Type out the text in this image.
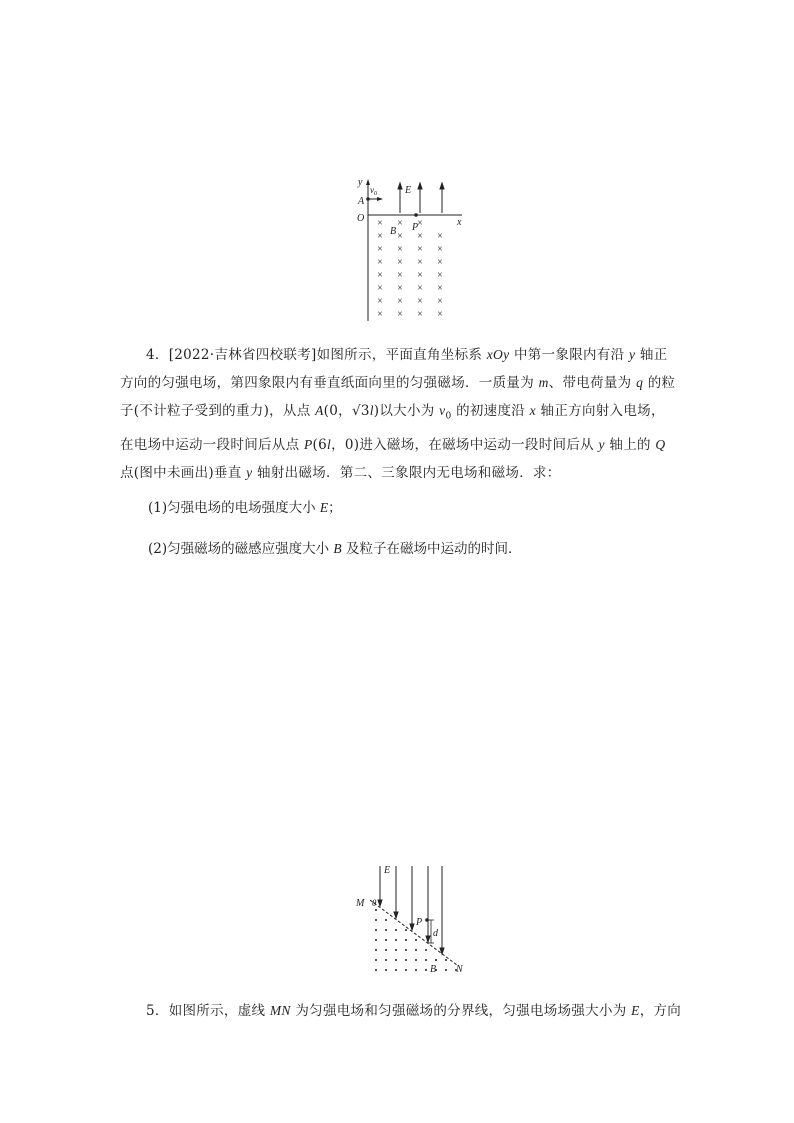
y
$v_0$	E
A
O
P	x
B
× × ×
× × × ×
× × × ×
× × × ×
× × × ×
× × × ×
× × × ×
× × × ×
4．[2022·吉林省四校联考]如图所示，平面直角坐标系 xOy 中第一象限内有沿 y 轴正
方向的匀强电场，第四象限内有垂直纸面向里的匀强磁场．一质量为 m、带电荷量为 q 的粒
子(不计粒子受到的重力)，从点 A(0，√3l)以大小为 $v_0$ 的初速度沿 x 轴正方向射入电场，
在电场中运动一段时间后从点 P(6l，0)进入磁场，在磁场中运动一段时间后从 y 轴上的 Q
点(图中未画出)垂直 y 轴射出磁场．第二、三象限内无电场和磁场．求：
(1)匀强电场的电场强度大小 E；
(2)匀强磁场的磁感应强度大小 B 及粒子在磁场中运动的时间．
E
M θ
P
d
B N
5．如图所示，虚线 MN 为匀强电场和匀强磁场的分界线，匀强电场场强大小为 E，方向
